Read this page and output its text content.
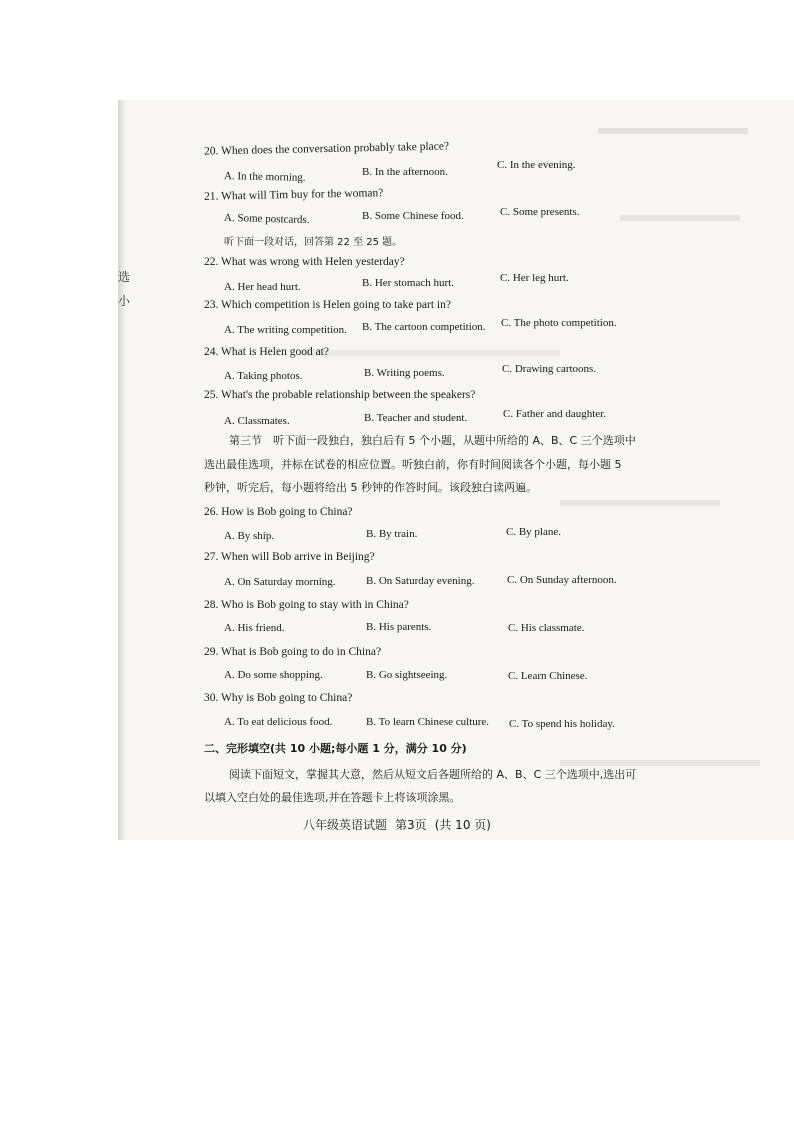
选
小
20. When does the conversation probably take place?
A. In the morning.	B. In the afternoon.
C. In the evening.
21. What will Tim buy for the woman?
A. Some postcards.	B. Some Chinese food.	C. Some presents.
听下面一段对话，回答第 22 至 25 题。
22. What was wrong with Helen yesterday?
A. Her head hurt.	B. Her stomach hurt.	C. Her leg hurt.
23. Which competition is Helen going to take part in?
A. The writing competition. B. The cartoon competition. C. The photo competition.
24. What is Helen good at?
A. Taking photos.	B. Writing poems.	C. Drawing cartoons.
25. What's the probable relationship between the speakers?
A. Classmates.	B. Teacher and student.	C. Father and daughter.
第三节　听下面一段独白，独白后有 5 个小题，从题中所给的 A、B、C 三个选项中
选出最佳选项，并标在试卷的相应位置。听独白前，你有时间阅读各个小题，每小题 5
秒钟，听完后，每小题将给出 5 秒钟的作答时间。该段独白读两遍。
26. How is Bob going to China?
A. By ship.	B. By train.	C. By plane.
27. When will Bob arrive in Beijing?
A. On Saturday morning.	B. On Saturday evening.	C. On Sunday afternoon.
28. Who is Bob going to stay with in China?
A. His friend.	B. His parents.	C. His classmate.
29. What is Bob going to do in China?
A. Do some shopping.	B. Go sightseeing.	C. Learn Chinese.
30. Why is Bob going to China?
A. To eat delicious food.	B. To learn Chinese culture. C. To spend his holiday.
二、完形填空(共 10 小题;每小题 1 分，满分 10 分)
阅读下面短文，掌握其大意，然后从短文后各题所给的 A、B、C 三个选项中,选出可
以填入空白处的最佳选项,并在答题卡上将该项涂黑。
八年级英语试题 第3页 (共 10 页)
